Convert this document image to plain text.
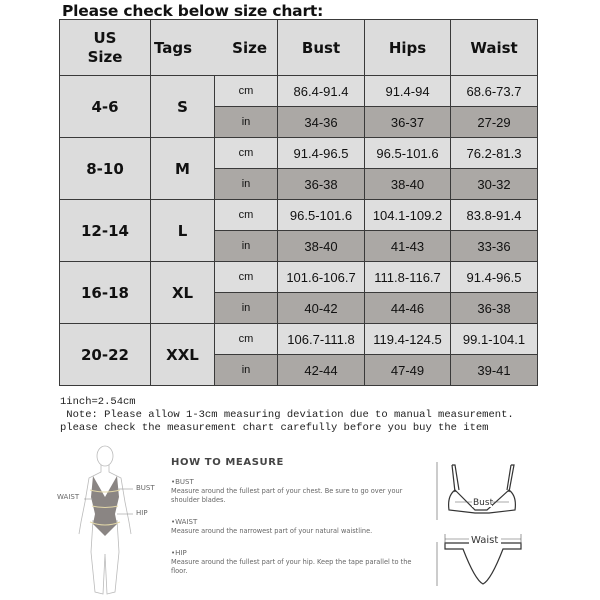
Please check below size chart:
US Size	Tags Size		Bust	Hips	Waist
4-6	S	cm	86.4-91.4	91.4-94	68.6-73.7
		in	34-36	36-37	27-29
8-10	M	cm	91.4-96.5	96.5-101.6	76.2-81.3
		in	36-38	38-40	30-32
12-14	L	cm	96.5-101.6	104.1-109.2	83.8-91.4
		in	38-40	41-43	33-36
16-18	XL	cm	101.6-106.7	111.8-116.7	91.4-96.5
		in	40-42	44-46	36-38
20-22	XXL	cm	106.7-111.8	119.4-124.5	99.1-104.1
		in	42-44	47-49	39-41
1inch=2.54cm
Note: Please allow 1-3cm measuring deviation due to manual measurement.
please check the measurement chart carefully before you buy the item
WAIST
BUST
HIP
HOW TO MEASURE
•BUST
Measure around the fullest part of your chest. Be sure to go over your shoulder blades.
•WAIST
Measure around the narrowest part of your natural waistline.
•HIP
Measure around the fullest part of your hip. Keep the tape parallel to the floor.
Bust
Waist
